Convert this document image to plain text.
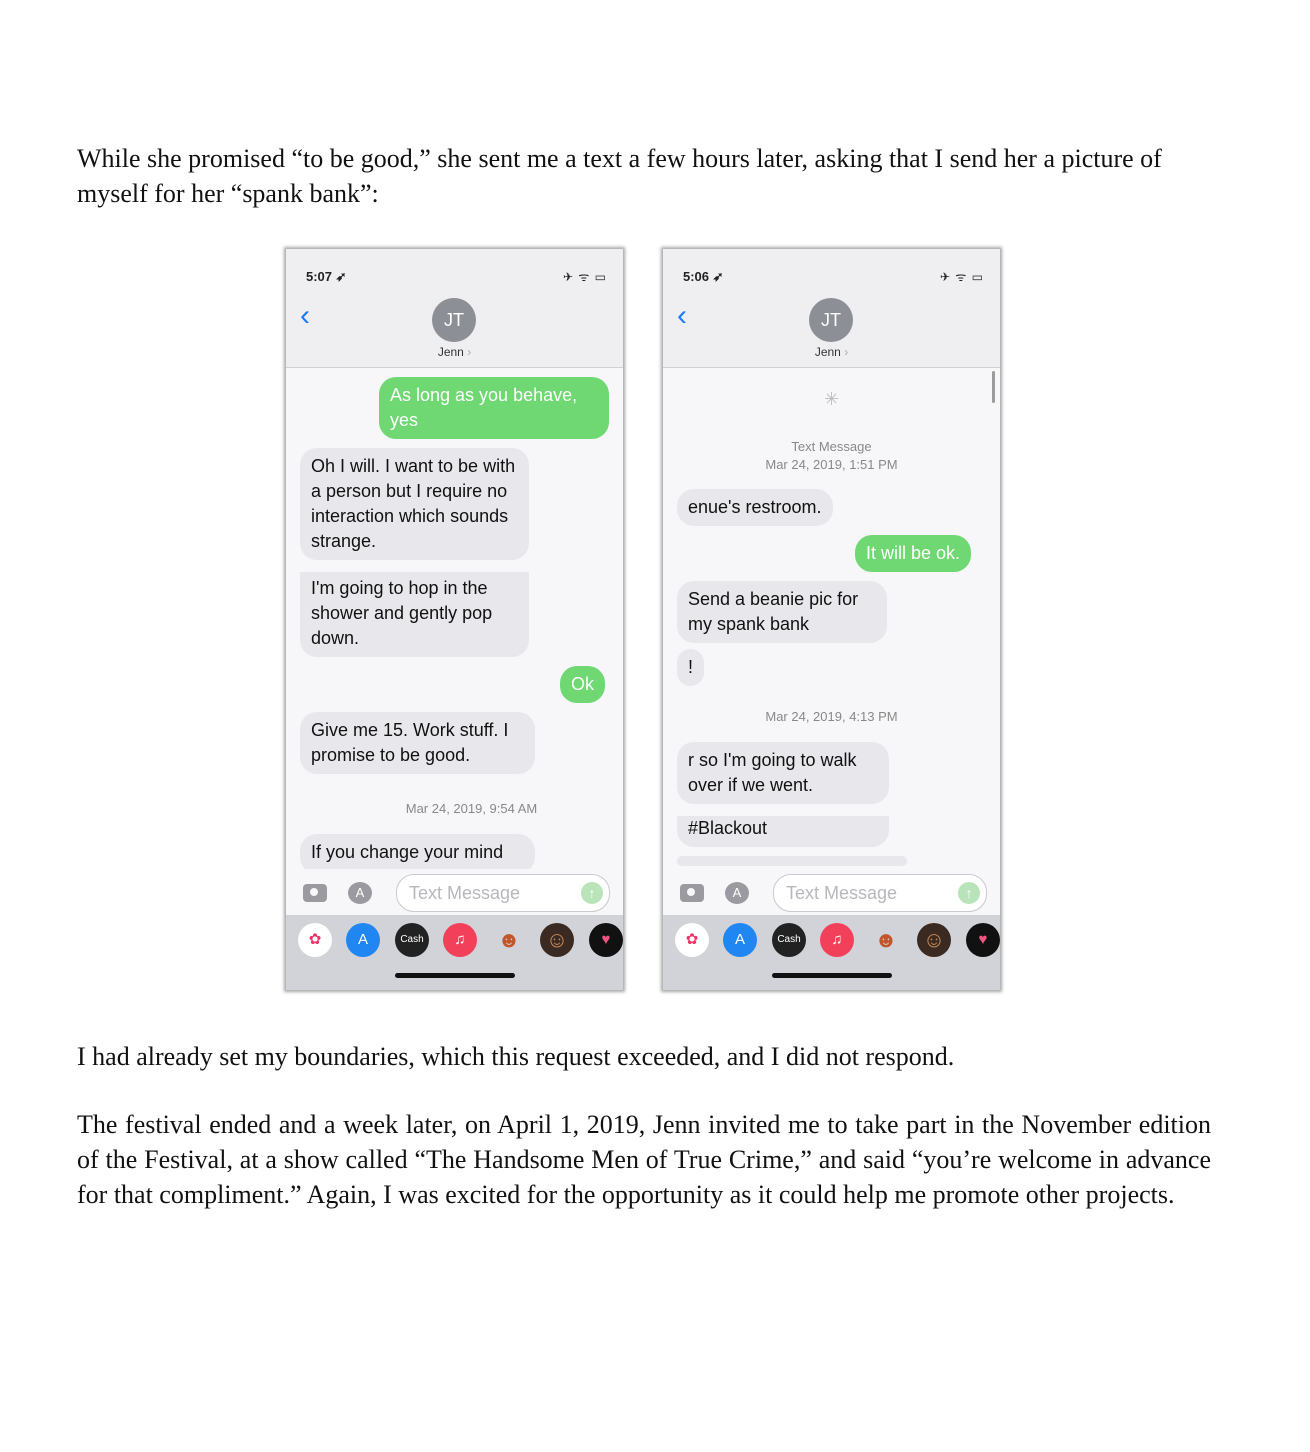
While she promised “to be good,” she sent me a text a few hours later, asking that I send her a picture of myself for her “spank bank”:

5:07 ➶	✈ ᯤ ▭
‹	JT
Jenn ›
As long as you behave, yes
Oh I will. I want to be with a person but I require no interaction which sounds strange.
I'm going to hop in the shower and gently pop down.
Ok
Give me 15. Work stuff. I promise to be good.
Mar 24, 2019, 9:54 AM
If you change your mind
A	Text Message	↑
✿	A	Cash	♫	☻ ☺	♥
5:06 ➶	✈ ᯤ ▭
‹	JT
Jenn ›
✳
Text Message
Mar 24, 2019, 1:51 PM
enue's restroom.
It will be ok.
Send a beanie pic for my spank bank
!
Mar 24, 2019, 4:13 PM
r so I'm going to walk over if we went.
#Blackout
A	Text Message	↑
✿	A	Cash	♫	☻ ☺	♥

I had already set my boundaries, which this request exceeded, and I did not respond.

The festival ended and a week later, on April 1, 2019, Jenn invited me to take part in the November edition of the Festival, at a show called “The Handsome Men of True Crime,” and said “you’re welcome in advance for that compliment.” Again, I was excited for the opportunity as it could help me promote other projects.
